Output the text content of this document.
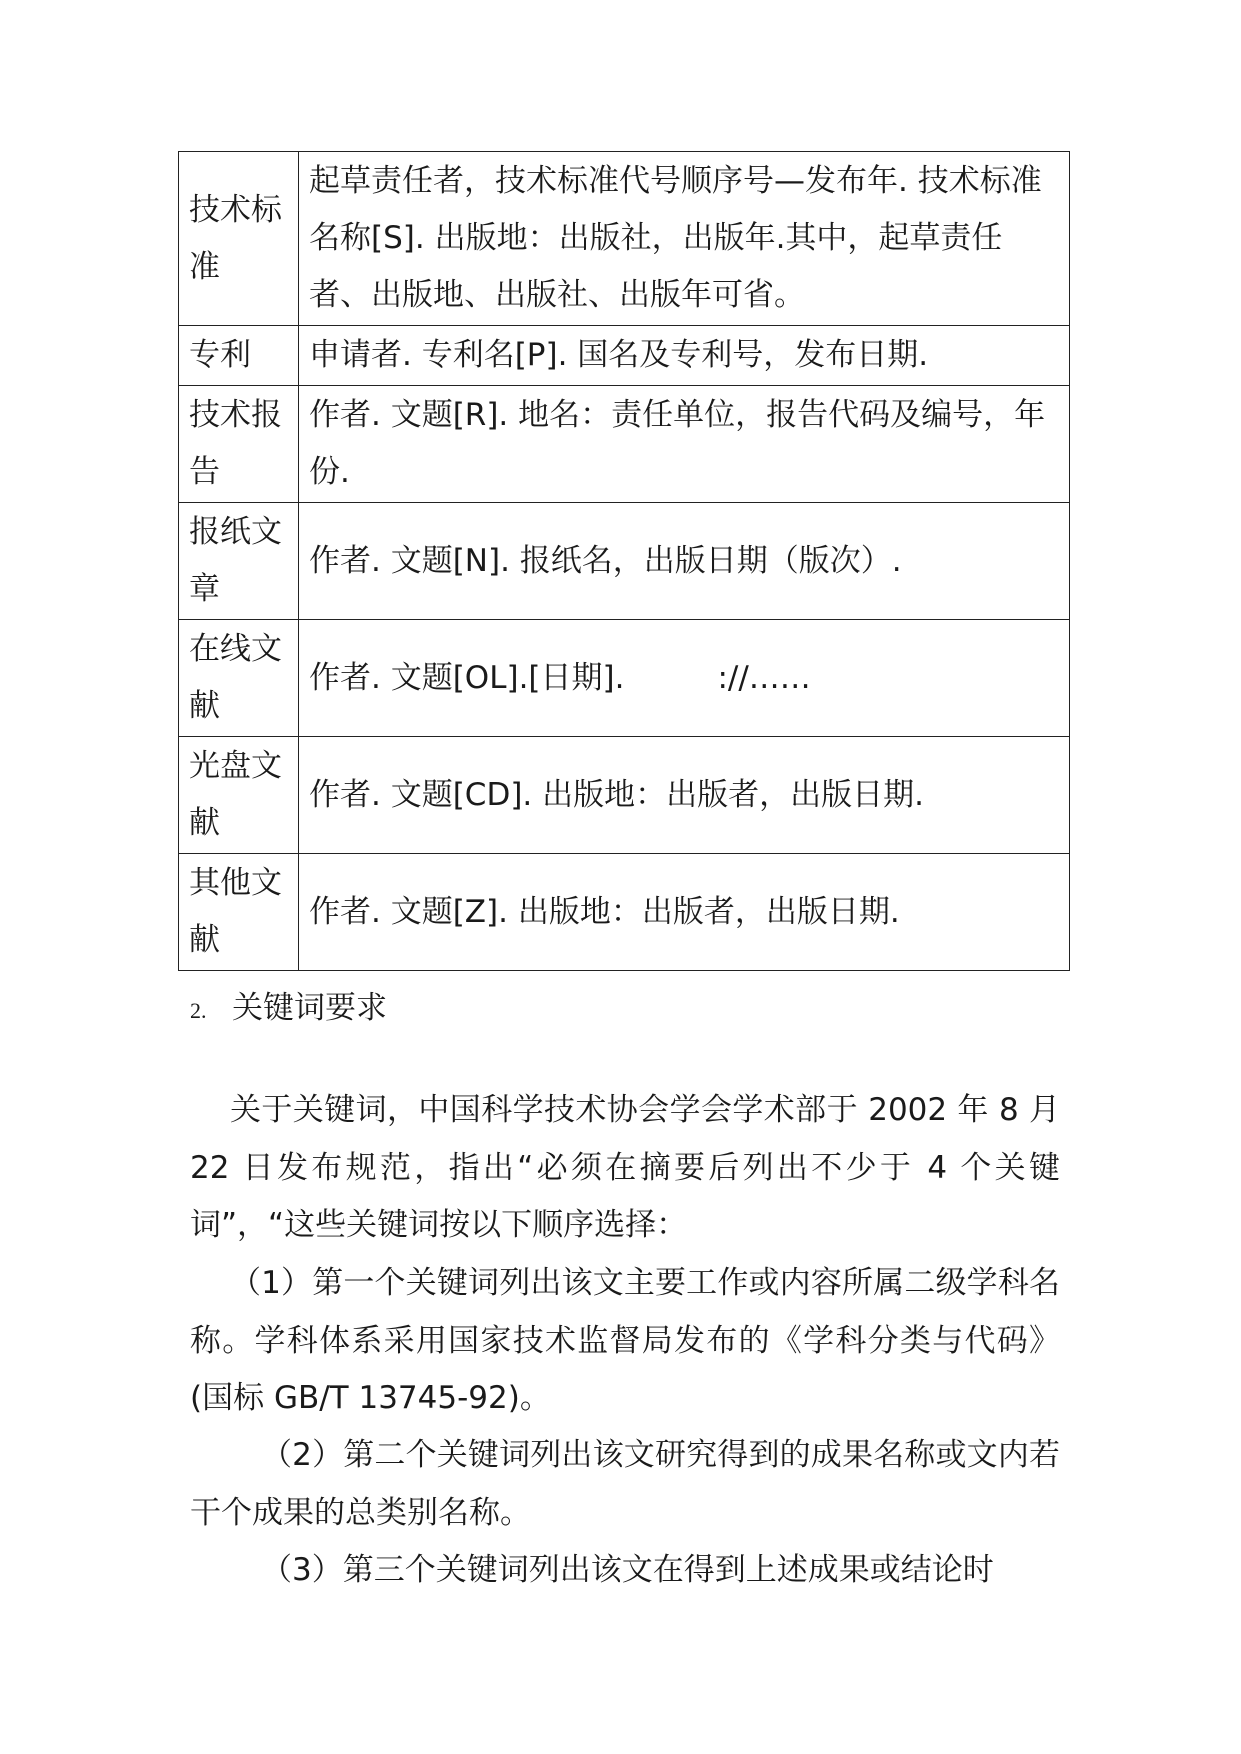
技术标准	起草责任者，技术标准代号顺序号—发布年. 技术标准名称[S]. 出版地：出版社，出版年.其中，起草责任者、出版地、出版社、出版年可省。
专利	申请者. 专利名[P]. 国名及专利号，发布日期.
技术报告	作者. 文题[R]. 地名：责任单位，报告代码及编号，年份.
报纸文章	作者. 文题[N]. 报纸名，出版日期（版次）.
在线文献	作者. 文题[OL].[日期].　　　://……
光盘文献	作者. 文题[CD]. 出版地：出版者，出版日期.
其他文献	作者. 文题[Z]. 出版地：出版者，出版日期.
2. 关键词要求

关于关键词，中国科学技术协会学会学术部于 2002 年 8 月 22 日发布规范，指出“必须在摘要后列出不少于 4 个关键词”，“这些关键词按以下顺序选择：

（1）第一个关键词列出该文主要工作或内容所属二级学科名称。学科体系采用国家技术监督局发布的《学科分类与代码》(国标 GB/T 13745-92)。

（2）第二个关键词列出该文研究得到的成果名称或文内若干个成果的总类别名称。

（3）第三个关键词列出该文在得到上述成果或结论时
